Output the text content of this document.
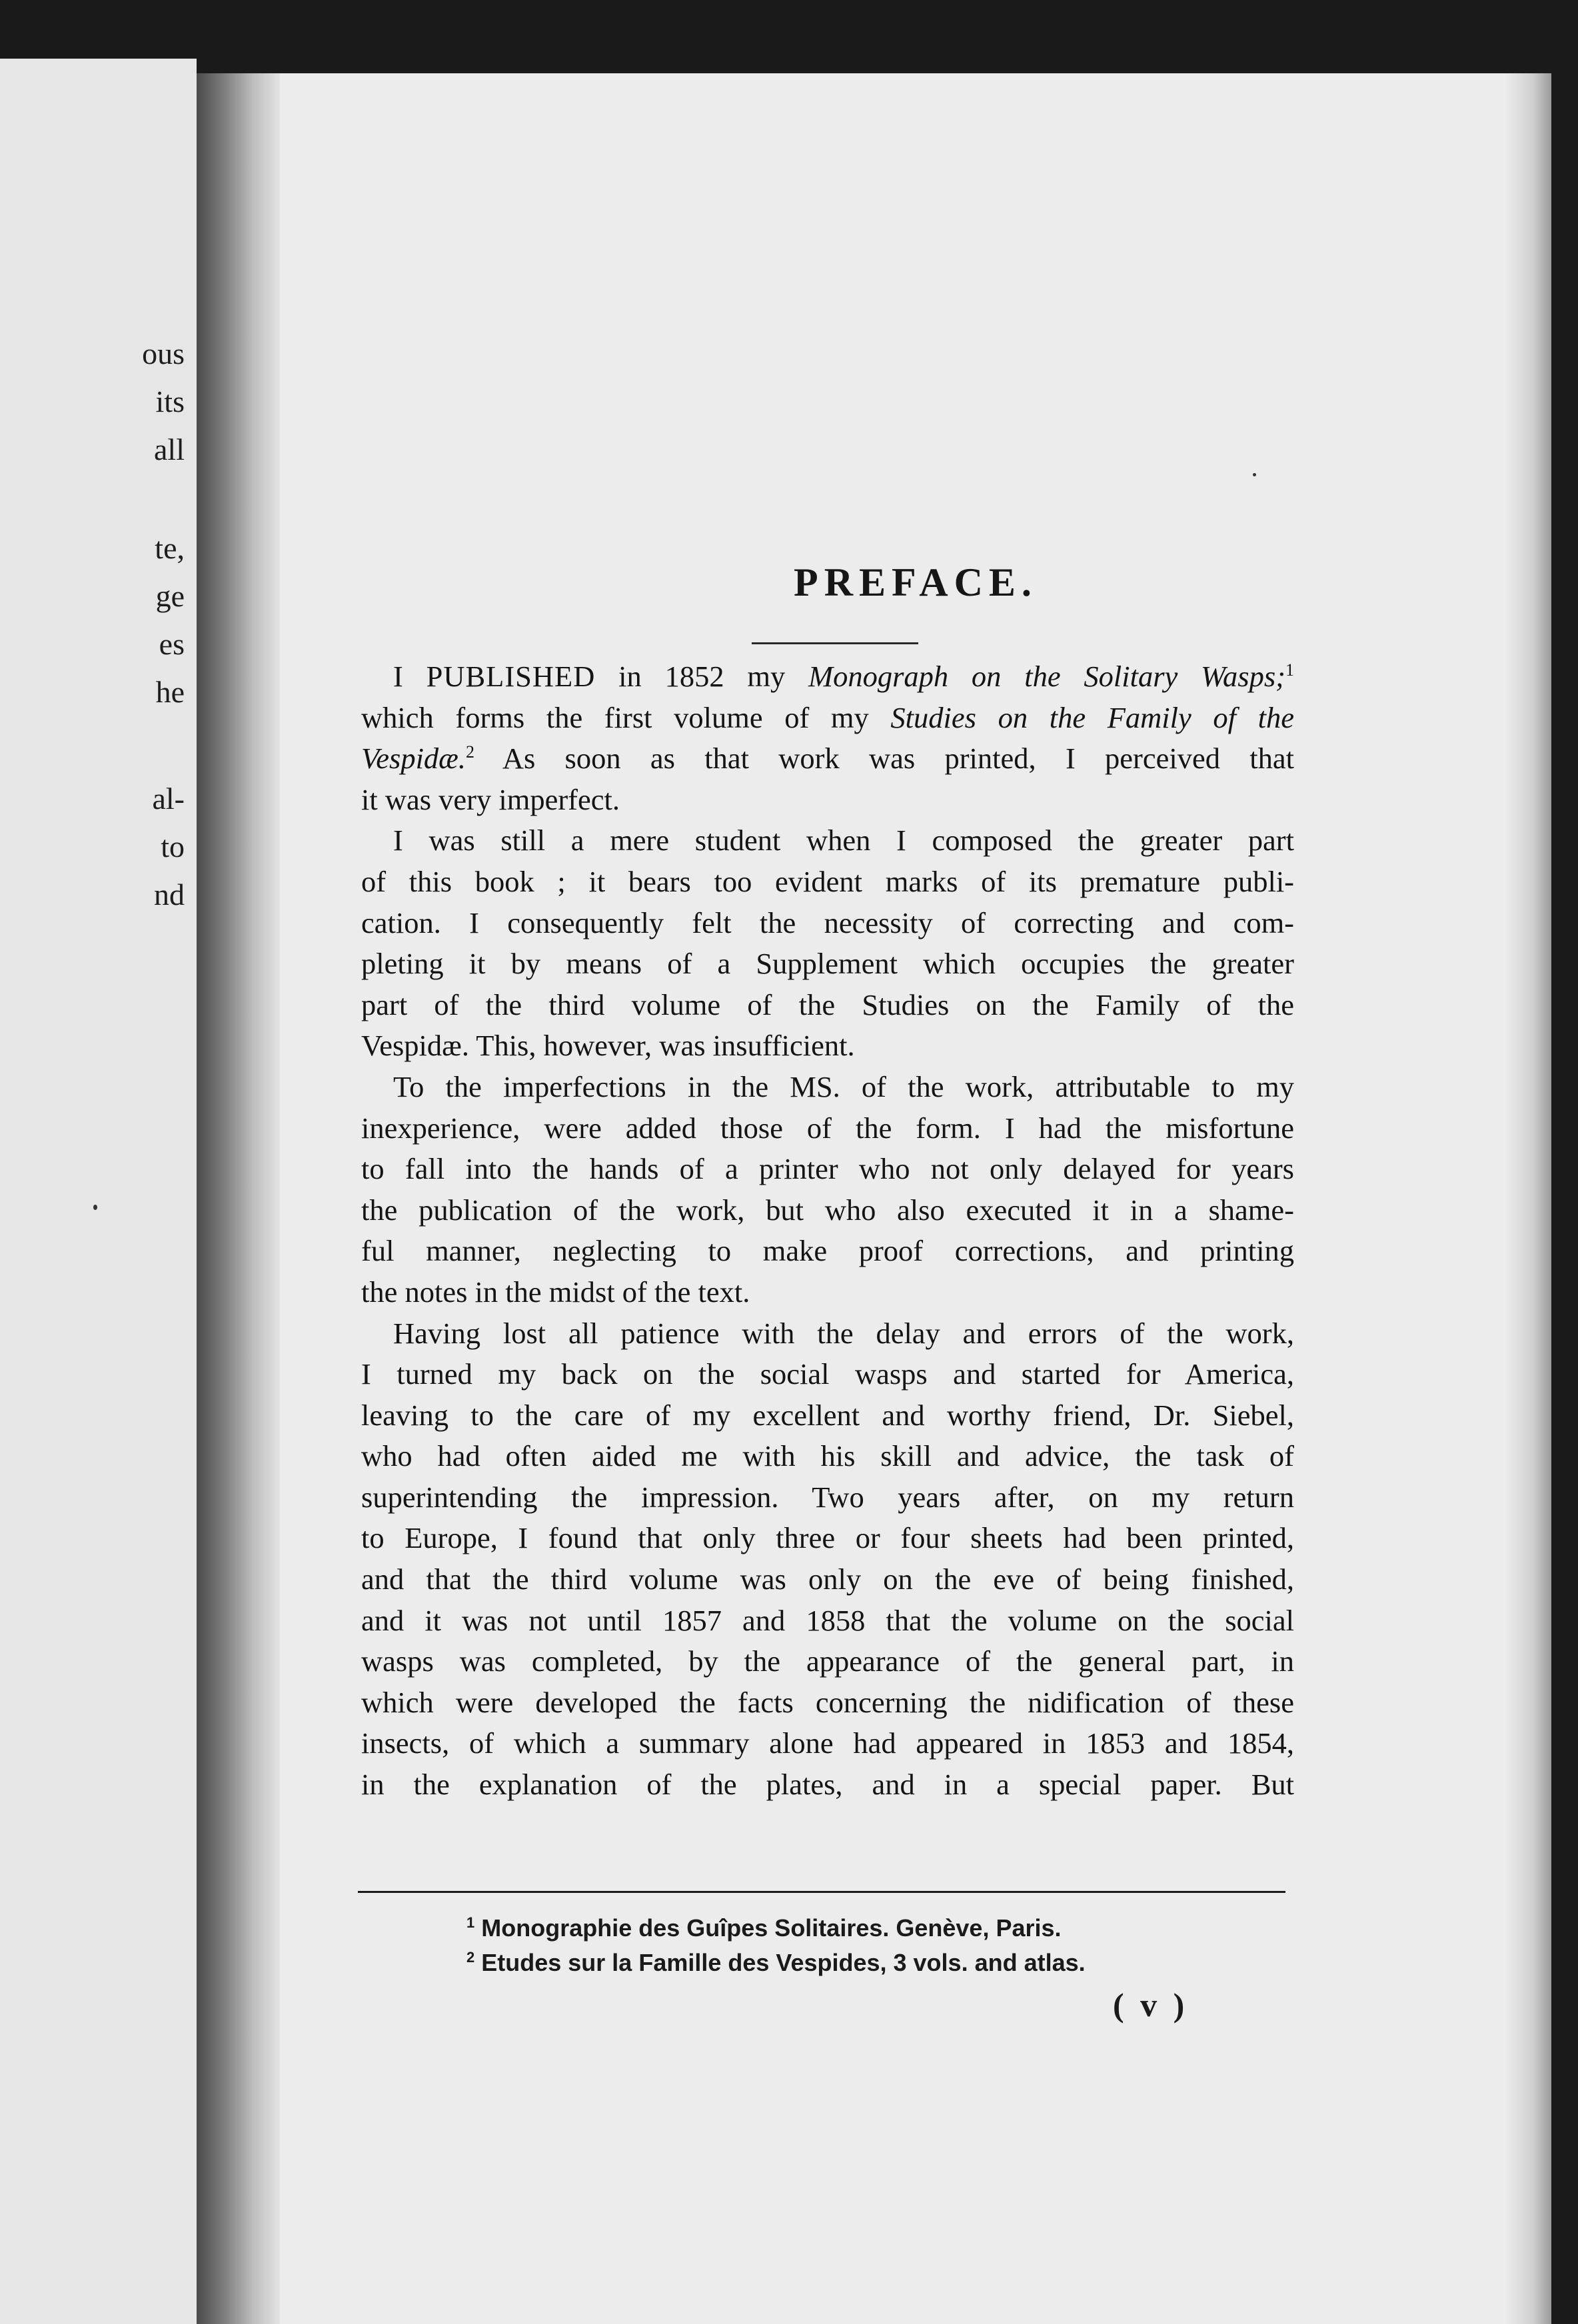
ous
its
all
te,
ge
es
he
al-
to
nd
PREFACE.
I PUBLISHED in 1852 my Monograph on the Solitary Wasps;$^1$
which forms the first volume of my Studies on the Family of the
Vespidæ.$^2$ As soon as that work was printed, I perceived that
it was very imperfect.
I was still a mere student when I composed the greater part
of this book ; it bears too evident marks of its premature publi-
cation. I consequently felt the necessity of correcting and com-
pleting it by means of a Supplement which occupies the greater
part of the third volume of the Studies on the Family of the
Vespidæ. This, however, was insufficient.
To the imperfections in the MS. of the work, attributable to my
inexperience, were added those of the form. I had the misfortune
to fall into the hands of a printer who not only delayed for years
the publication of the work, but who also executed it in a shame-
ful manner, neglecting to make proof corrections, and printing
the notes in the midst of the text.
Having lost all patience with the delay and errors of the work,
I turned my back on the social wasps and started for America,
leaving to the care of my excellent and worthy friend, Dr. Siebel,
who had often aided me with his skill and advice, the task of
superintending the impression. Two years after, on my return
to Europe, I found that only three or four sheets had been printed,
and that the third volume was only on the eve of being finished,
and it was not until 1857 and 1858 that the volume on the social
wasps was completed, by the appearance of the general part, in
which were developed the facts concerning the nidification of these
insects, of which a summary alone had appeared in 1853 and 1854,
in the explanation of the plates, and in a special paper. But
$^1$ Monographie des Guîpes Solitaires. Genève, Paris.
$^2$ Etudes sur la Famille des Vespides, 3 vols. and atlas.
( v )
